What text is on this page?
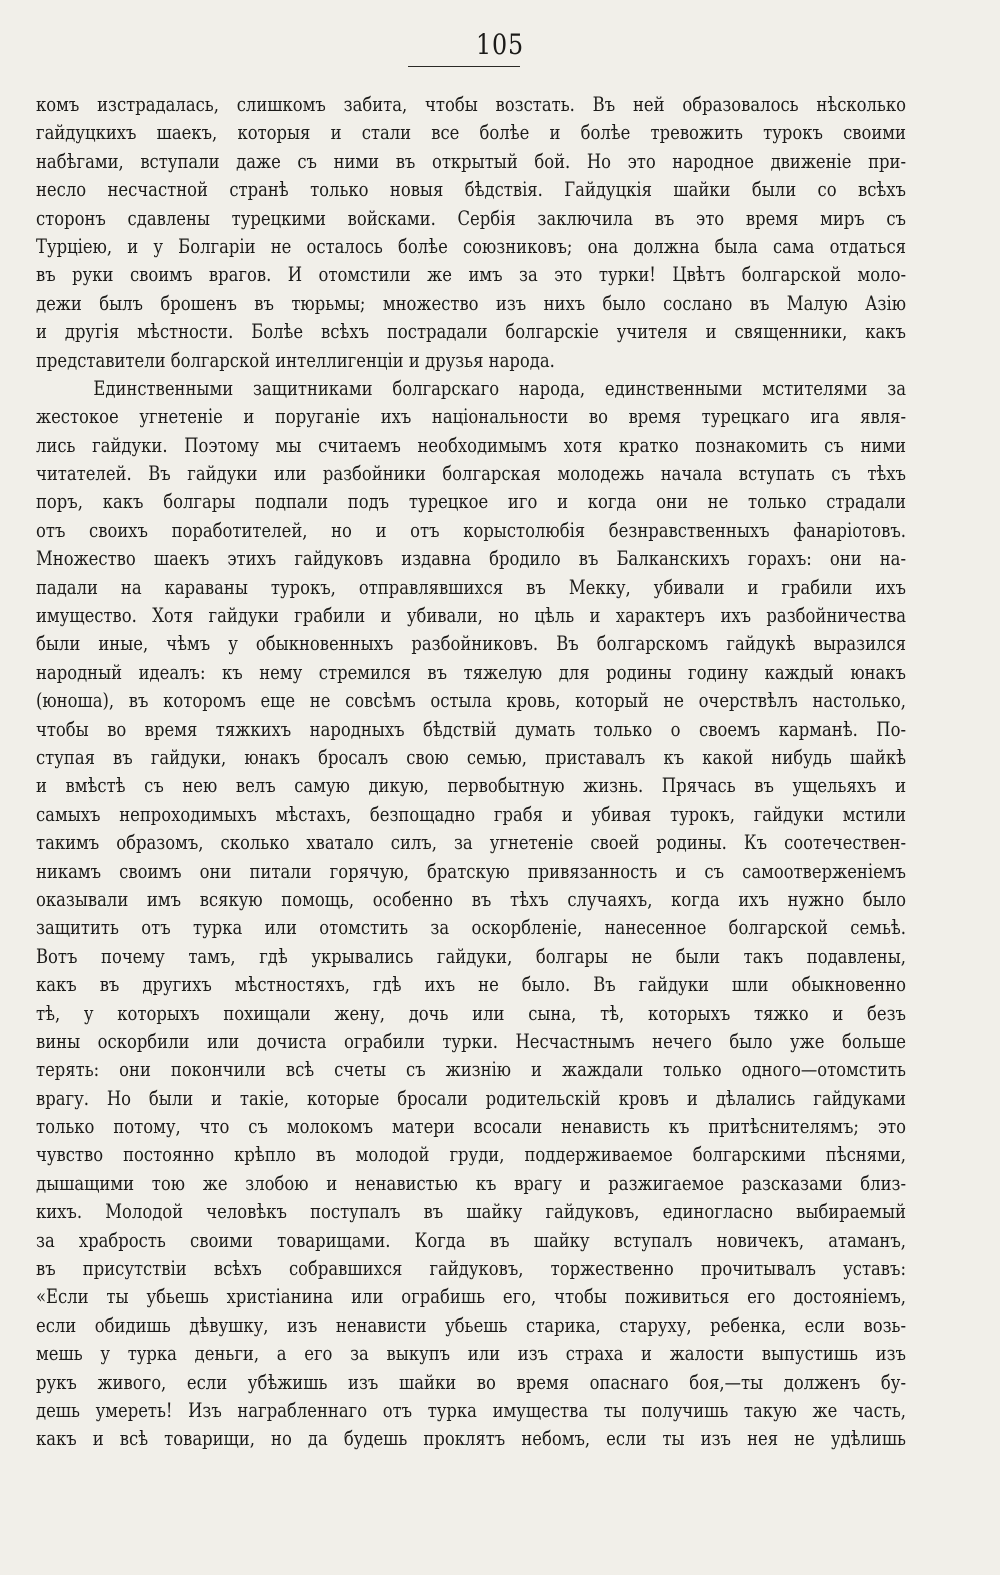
105
комъ изстрадалась, слишкомъ забита, чтобы возстать. Въ ней образовалось нѣсколько
гайдуцкихъ шаекъ, которыя и стали все болѣе и болѣе тревожить турокъ своими
набѣгами, вступали даже съ ними въ открытый бой. Но это народное движеніе при-
несло несчастной странѣ только новыя бѣдствія. Гайдуцкія шайки были со всѣхъ
сторонъ сдавлены турецкими войсками. Сербія заключила въ это время миръ съ
Турціею, и у Болгаріи не осталось болѣе союзниковъ; она должна была сама отдаться
въ руки своимъ врагов. И отомстили же имъ за это турки! Цвѣтъ болгарской моло-
дежи былъ брошенъ въ тюрьмы; множество изъ нихъ было сослано въ Малую Азію
и другія мѣстности. Болѣе всѣхъ пострадали болгарскіе учителя и священники, какъ
представители болгарской интеллигенціи и друзья народа.
Единственными защитниками болгарскаго народа, единственными мстителями за
жестокое угнетеніе и поруганіе ихъ національности во время турецкаго ига явля-
лись гайдуки. Поэтому мы считаемъ необходимымъ хотя кратко познакомить съ ними
читателей. Въ гайдуки или разбойники болгарская молодежь начала вступать съ тѣхъ
поръ, какъ болгары подпали подъ турецкое иго и когда они не только страдали
отъ своихъ поработителей, но и отъ корыстолюбія безнравственныхъ фанаріотовъ.
Множество шаекъ этихъ гайдуковъ издавна бродило въ Балканскихъ горахъ: они на-
падали на караваны турокъ, отправлявшихся въ Мекку, убивали и грабили ихъ
имущество. Хотя гайдуки грабили и убивали, но цѣль и характеръ ихъ разбойничества
были иные, чѣмъ у обыкновенныхъ разбойниковъ. Въ болгарскомъ гайдукѣ выразился
народный идеалъ: къ нему стремился въ тяжелую для родины годину каждый юнакъ
(юноша), въ которомъ еще не совсѣмъ остыла кровь, который не очерствѣлъ настолько,
чтобы во время тяжкихъ народныхъ бѣдствій думать только о своемъ карманѣ. По-
ступая въ гайдуки, юнакъ бросалъ свою семью, приставалъ къ какой нибудь шайкѣ
и вмѣстѣ съ нею велъ самую дикую, первобытную жизнь. Прячась въ ущельяхъ и
самыхъ непроходимыхъ мѣстахъ, безпощадно грабя и убивая турокъ, гайдуки мстили
такимъ образомъ, сколько хватало силъ, за угнетеніе своей родины. Къ соотечествен-
никамъ своимъ они питали горячую, братскую привязанность и съ самоотверженіемъ
оказывали имъ всякую помощь, особенно въ тѣхъ случаяхъ, когда ихъ нужно было
защитить отъ турка или отомстить за оскорбленіе, нанесенное болгарской семьѣ.
Вотъ почему тамъ, гдѣ укрывались гайдуки, болгары не были такъ подавлены,
какъ въ другихъ мѣстностяхъ, гдѣ ихъ не было. Въ гайдуки шли обыкновенно
тѣ, у которыхъ похищали жену, дочь или сына, тѣ, которыхъ тяжко и безъ
вины оскорбили или дочиста ограбили турки. Несчастнымъ нечего было уже больше
терять: они покончили всѣ счеты съ жизнію и жаждали только одного—отомстить
врагу. Но были и такіе, которые бросали родительскій кровъ и дѣлались гайдуками
только потому, что съ молокомъ матери всосали ненависть къ притѣснителямъ; это
чувство постоянно крѣпло въ молодой груди, поддерживаемое болгарскими пѣснями,
дышащими тою же злобою и ненавистью къ врагу и разжигаемое разсказами близ-
кихъ. Молодой человѣкъ поступалъ въ шайку гайдуковъ, единогласно выбираемый
за храбрость своими товарищами. Когда въ шайку вступалъ новичекъ, атаманъ,
въ присутствіи всѣхъ собравшихся гайдуковъ, торжественно прочитывалъ уставъ:
«Если ты убьешь христіанина или ограбишь его, чтобы поживиться его достояніемъ,
если обидишь дѣвушку, изъ ненависти убьешь старика, старуху, ребенка, если возь-
мешь у турка деньги, а его за выкупъ или изъ страха и жалости выпустишь изъ
рукъ живого, если убѣжишь изъ шайки во время опаснаго боя,—ты долженъ бу-
дешь умереть! Изъ награбленнаго отъ турка имущества ты получишь такую же часть,
какъ и всѣ товарищи, но да будешь проклятъ небомъ, если ты изъ нея не удѣлишь
